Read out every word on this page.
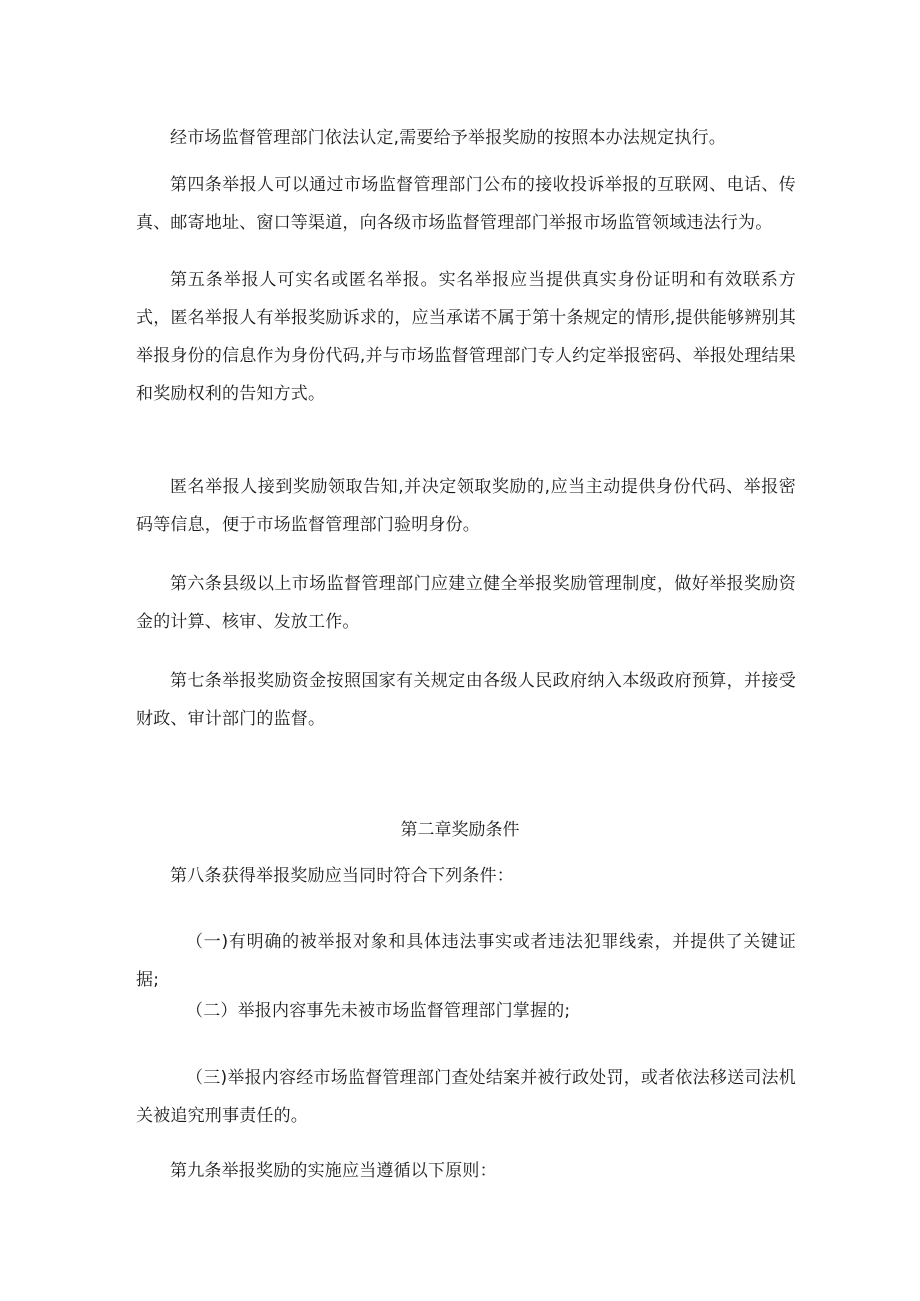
经市场监督管理部门依法认定,需要给予举报奖励的按照本办法规定执行。

第四条举报人可以通过市场监督管理部门公布的接收投诉举报的互联网、电话、传真、邮寄地址、窗口等渠道，向各级市场监督管理部门举报市场监管领域违法行为。

第五条举报人可实名或匿名举报。实名举报应当提供真实身份证明和有效联系方式，匿名举报人有举报奖励诉求的，应当承诺不属于第十条规定的情形,提供能够辨别其举报身份的信息作为身份代码,并与市场监督管理部门专人约定举报密码、举报处理结果和奖励权利的告知方式。

匿名举报人接到奖励领取告知,并决定领取奖励的,应当主动提供身份代码、举报密码等信息，便于市场监督管理部门验明身份。

第六条县级以上市场监督管理部门应建立健全举报奖励管理制度，做好举报奖励资金的计算、核审、发放工作。

第七条举报奖励资金按照国家有关规定由各级人民政府纳入本级政府预算，并接受财政、审计部门的监督。

第二章奖励条件

第八条获得举报奖励应当同时符合下列条件：

（一)有明确的被举报对象和具体违法事实或者违法犯罪线索，并提供了关键证据;

（二）举报内容事先未被市场监督管理部门掌握的;

（三)举报内容经市场监督管理部门查处结案并被行政处罚，或者依法移送司法机关被追究刑事责任的。

第九条举报奖励的实施应当遵循以下原则：
